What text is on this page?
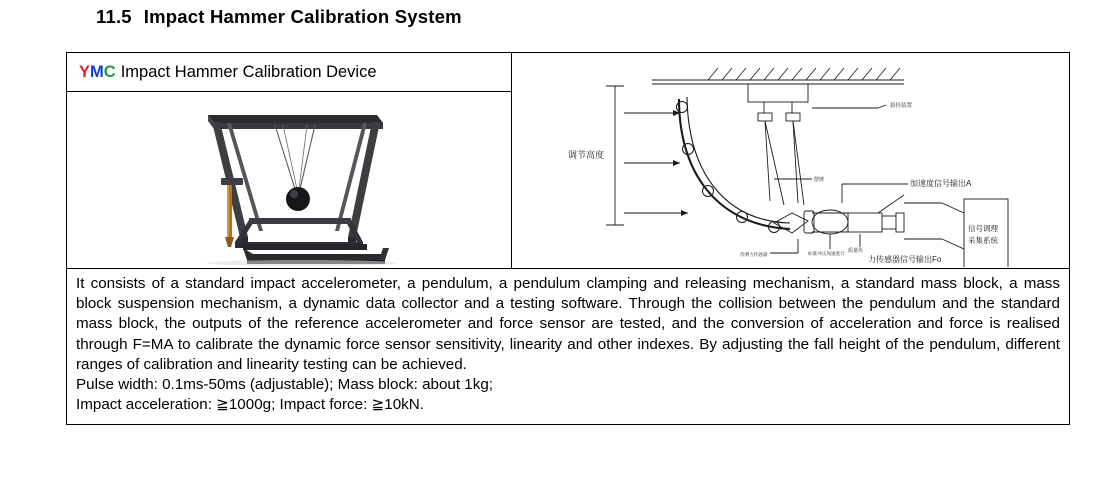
11.5 Impact Hammer Calibration System
YMC Impact Hammer Calibration Device
调节高度
悬挂装置
加速度信号输出A
摆锤
质量块
标准冲击加速度计
待测力传感器
力传感器信号输出Fo
信号调理
采集系统

It consists of a standard impact accelerometer, a pendulum, a pendulum clamping and releasing mechanism, a standard mass block, a mass block suspension mechanism, a dynamic data collector and a testing software. Through the collision between the pendulum and the standard mass block, the outputs of the reference accelerometer and force sensor are tested, and the conversion of acceleration and force is realised through F=MA to calibrate the dynamic force sensor sensitivity, linearity and other indexes. By adjusting the fall height of the pendulum, different ranges of calibration and linearity testing can be achieved.

Pulse width: 0.1ms-50ms (adjustable); Mass block: about 1kg;

Impact acceleration: ≧1000g; Impact force: ≧10kN.
